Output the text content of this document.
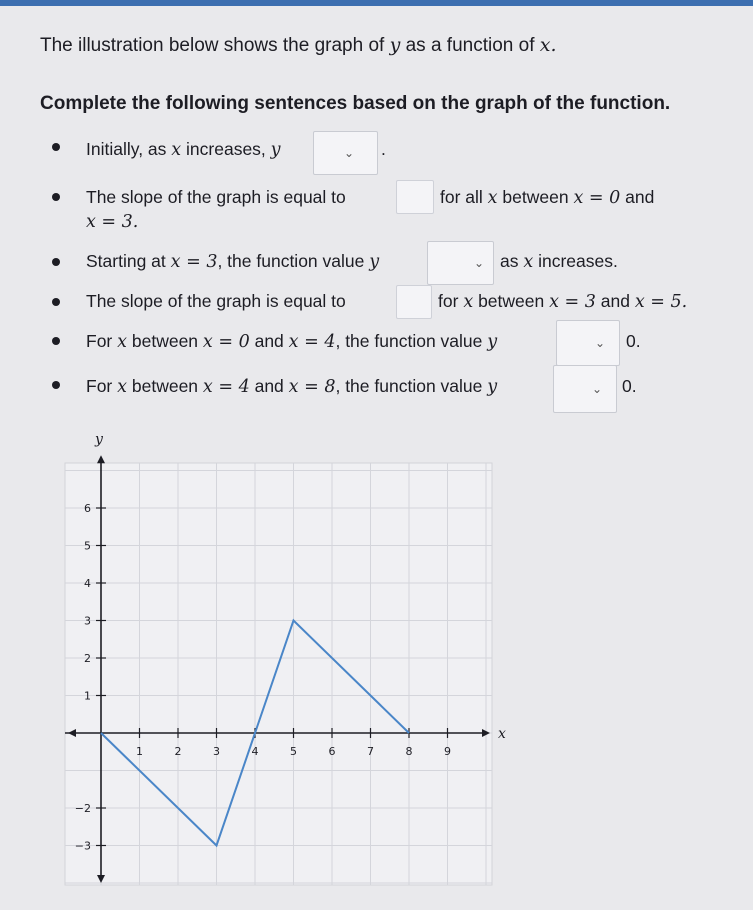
The illustration below shows the graph of y as a function of x.
Complete the following sentences based on the graph of the function.
Initially, as x increases, y	⌄ .
The slope of the graph is equal to	for all x between x = 0 and
x = 3.
Starting at x = 3, the function value y	⌄ as x increases.
The slope of the graph is equal to	for x between x = 3 and x = 5.
For x between x = 0 and x = 4, the function value y	⌄ 0.
For x between x = 4 and x = 8, the function value y	⌄ 0.
x
y
1	2	3	4	5	6	7	8	9
−3
−2
1
2
3
4
5
6
